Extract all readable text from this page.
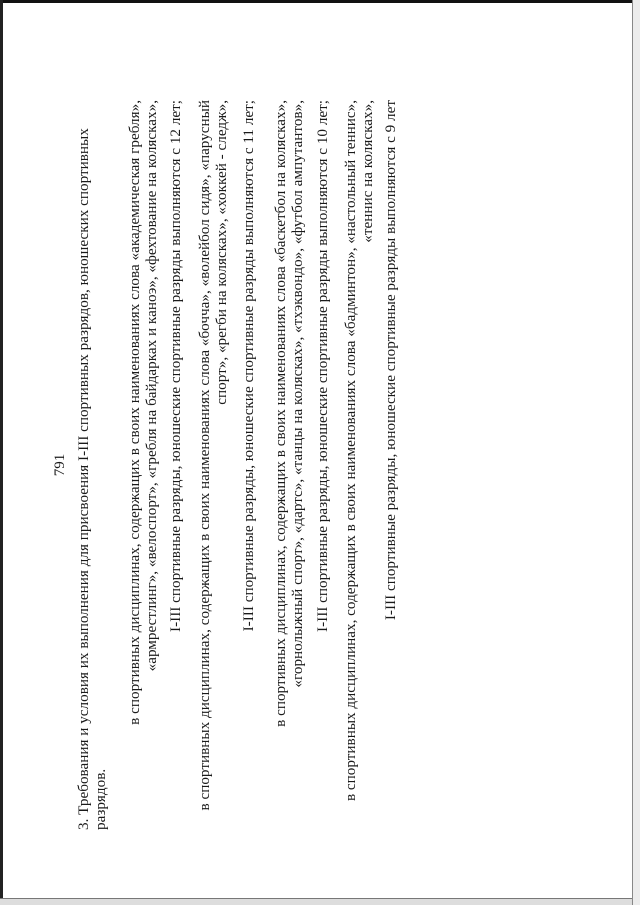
791 3. Требования и условия их выполнения для присвоения I-III спортивных разрядов, юношеских спортивных разрядов.
в спортивных дисциплинах, содержащих в своих наименованиях слова «академическая гребля», «армрестлинг», «велоспорт», «гребля на байдарках и каноэ», «фехтование на колясках», I-III спортивные разряды, юношеские спортивные разряды выполняются с 12 лет; в спортивных дисциплинах, содержащих в своих наименованиях слова «бочча», «волейбол сидя», «парусный спорт», «регби на колясках», «хоккей - следж», I-III спортивные разряды, юношеские спортивные разряды выполняются с 11 лет; в спортивных дисциплинах, содержащих в своих наименованиях слова «баскетбол на колясках», «горнолыжный спорт», «дартс», «танцы на колясках», «тхэквондо», «футбол ампутантов», I-III спортивные разряды, юношеские спортивные разряды выполняются с 10 лет; в спортивных дисциплинах, содержащих в своих наименованиях слова «бадминтон», «настольный теннис», «теннис на колясках», I-III спортивные разряды, юношеские спортивные разряды выполняются с 9 лет
